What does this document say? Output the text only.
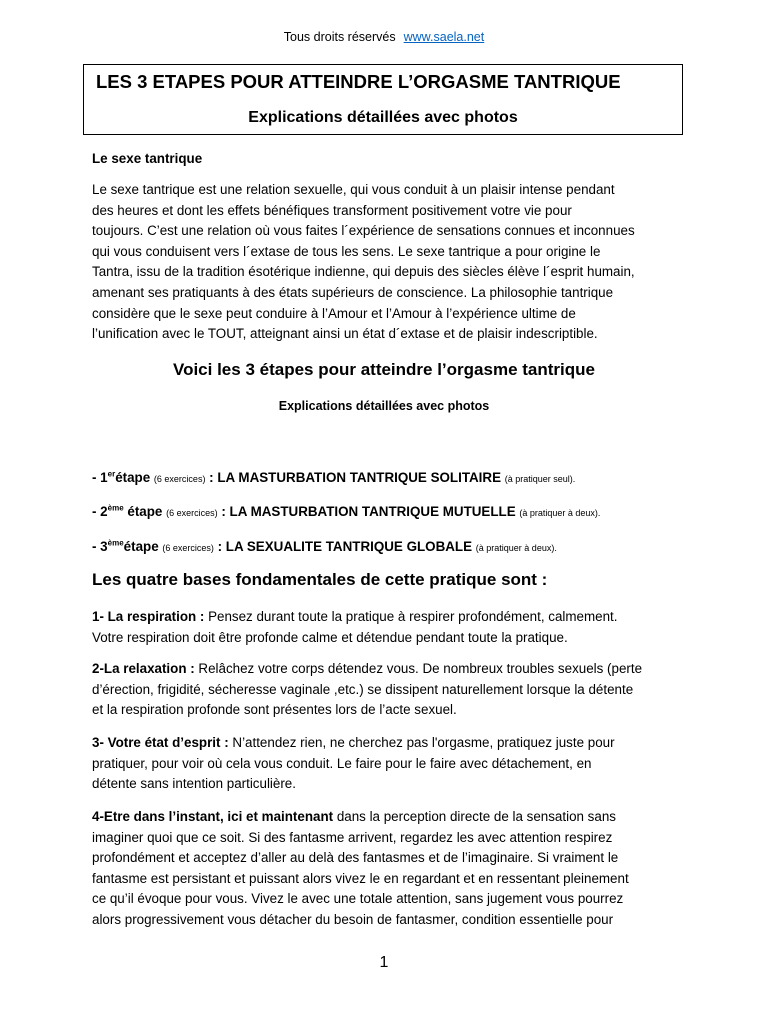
Tous droits réservés www.saela.net
LES 3 ETAPES POUR ATTEINDRE L’ORGASME TANTRIQUE
Explications détaillées avec photos
Le sexe tantrique
Le sexe tantrique est une relation sexuelle, qui vous conduit à un plaisir intense pendant
des heures et dont les effets bénéfiques transforment positivement votre vie pour
toujours. C’est une relation où vous faites l´expérience de sensations connues et inconnues
qui vous conduisent vers l´extase de tous les sens. Le sexe tantrique a pour origine le
Tantra, issu de la tradition ésotérique indienne, qui depuis des siècles élève l´esprit humain,
amenant ses pratiquants à des états supérieurs de conscience. La philosophie tantrique
considère que le sexe peut conduire à l’Amour et l’Amour à l’expérience ultime de
l’unification avec le TOUT, atteignant ainsi un état d´extase et de plaisir indescriptible.
Voici les 3 étapes pour atteindre l’orgasme tantrique
Explications détaillées avec photos
- 1erétape (6 exercices) : LA MASTURBATION TANTRIQUE SOLITAIRE (à pratiquer seul).
- 2ème étape (6 exercices) : LA MASTURBATION TANTRIQUE MUTUELLE (à pratiquer à deux).
- 3èmeétape (6 exercices) : LA SEXUALITE TANTRIQUE GLOBALE (à pratiquer à deux).
Les quatre bases fondamentales de cette pratique sont :
1- La respiration : Pensez durant toute la pratique à respirer profondément, calmement.
Votre respiration doit être profonde calme et détendue pendant toute la pratique.
2-La relaxation : Relâchez votre corps détendez vous. De nombreux troubles sexuels (perte
d’érection, frigidité, sécheresse vaginale ,etc.) se dissipent naturellement lorsque la détente
et la respiration profonde sont présentes lors de l’acte sexuel.
3- Votre état d’esprit : N’attendez rien, ne cherchez pas l'orgasme, pratiquez juste pour
pratiquer, pour voir où cela vous conduit. Le faire pour le faire avec détachement, en
détente sans intention particulière.
4-Etre dans l’instant, ici et maintenant dans la perception directe de la sensation sans
imaginer quoi que ce soit. Si des fantasme arrivent, regardez les avec attention respirez
profondément et acceptez d’aller au delà des fantasmes et de l’imaginaire. Si vraiment le
fantasme est persistant et puissant alors vivez le en regardant et en ressentant pleinement
ce qu’il évoque pour vous. Vivez le avec une totale attention, sans jugement vous pourrez
alors progressivement vous détacher du besoin de fantasmer, condition essentielle pour
1
